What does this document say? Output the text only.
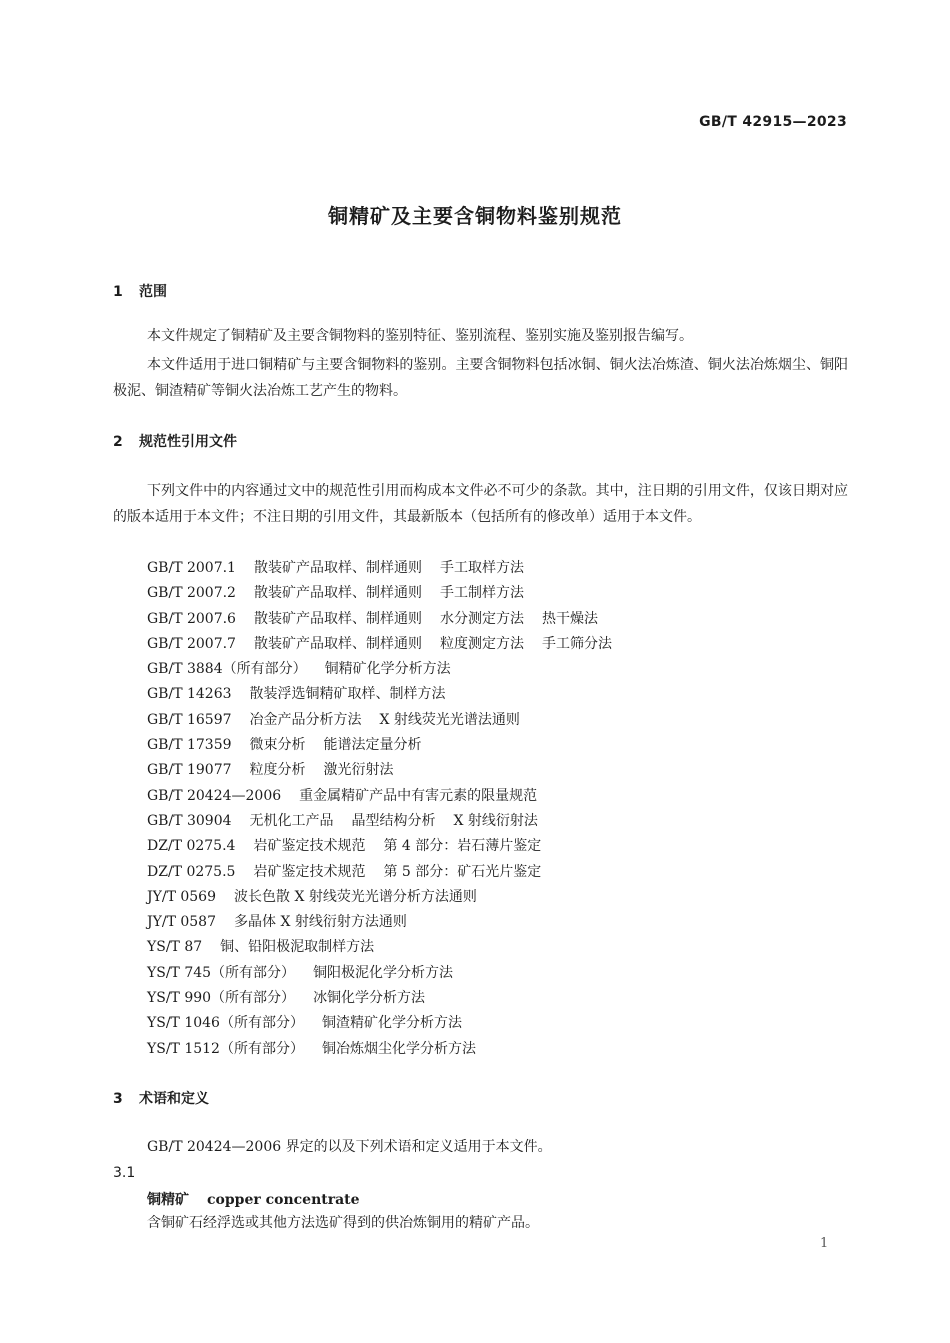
GB/T 42915—2023
铜精矿及主要含铜物料鉴别规范
1 范围
本文件规定了铜精矿及主要含铜物料的鉴别特征、鉴别流程、鉴别实施及鉴别报告编写。
本文件适用于进口铜精矿与主要含铜物料的鉴别。主要含铜物料包括冰铜、铜火法冶炼渣、铜火法冶炼烟尘、铜阳极泥、铜渣精矿等铜火法冶炼工艺产生的物料。
2 规范性引用文件
下列文件中的内容通过文中的规范性引用而构成本文件必不可少的条款。其中，注日期的引用文件，仅该日期对应的版本适用于本文件；不注日期的引用文件，其最新版本（包括所有的修改单）适用于本文件。
GB/T 2007.1 散装矿产品取样、制样通则 手工取样方法
GB/T 2007.2 散装矿产品取样、制样通则 手工制样方法
GB/T 2007.6 散装矿产品取样、制样通则 水分测定方法 热干燥法
GB/T 2007.7 散装矿产品取样、制样通则 粒度测定方法 手工筛分法
GB/T 3884（所有部分） 铜精矿化学分析方法
GB/T 14263 散装浮选铜精矿取样、制样方法
GB/T 16597 冶金产品分析方法 X 射线荧光光谱法通则
GB/T 17359 微束分析 能谱法定量分析
GB/T 19077 粒度分析 激光衍射法
GB/T 20424—2006 重金属精矿产品中有害元素的限量规范
GB/T 30904 无机化工产品 晶型结构分析 X 射线衍射法
DZ/T 0275.4 岩矿鉴定技术规范 第 4 部分：岩石薄片鉴定
DZ/T 0275.5 岩矿鉴定技术规范 第 5 部分：矿石光片鉴定
JY/T 0569 波长色散 X 射线荧光光谱分析方法通则
JY/T 0587 多晶体 X 射线衍射方法通则
YS/T 87 铜、铅阳极泥取制样方法
YS/T 745（所有部分） 铜阳极泥化学分析方法
YS/T 990（所有部分） 冰铜化学分析方法
YS/T 1046（所有部分） 铜渣精矿化学分析方法
YS/T 1512（所有部分） 铜冶炼烟尘化学分析方法
3 术语和定义
GB/T 20424—2006 界定的以及下列术语和定义适用于本文件。
3.1
铜精矿 copper concentrate
含铜矿石经浮选或其他方法选矿得到的供冶炼铜用的精矿产品。
1
